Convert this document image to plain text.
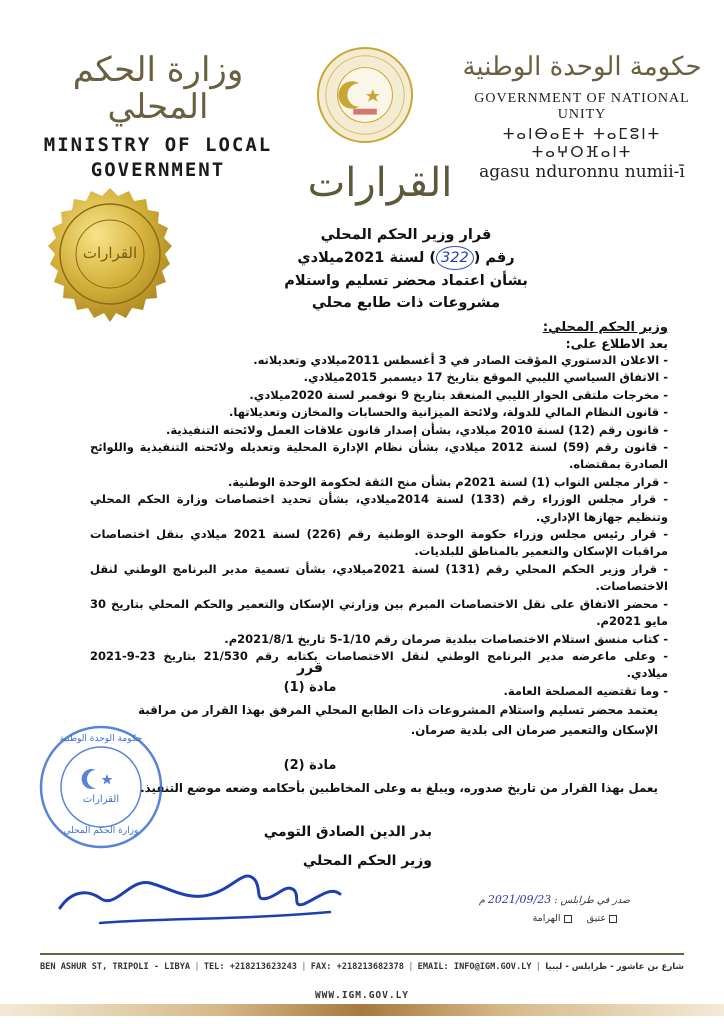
وزارة الحكم المحلي
MINISTRY OF LOCAL
GOVERNMENT
حكومة الوحدة الوطنية
GOVERNMENT OF NATIONAL UNITY
ⵜⴰⵏⴱⴰⴹⵜ ⵜⴰⵎⵓⵏⵜ ⵜⴰⵖⵔⴼⴰⵏⵜ
agasu nduronnu numii-ī
القرارات
القرارات
قرار وزير الحكم المحلي
رقم (322) لسنة 2021ميلادي
بشأن اعتماد محضر تسليم واستلام
مشروعات ذات طابع محلي
وزير الحكم المحلي:
بعد الاطلاع على:
- الاعلان الدستوري المؤقت الصادر في 3 أغسطس 2011ميلادي وتعديلاته.
- الاتفاق السياسي الليبي الموقع بتاريخ 17 ديسمبر 2015ميلادي.
- مخرجات ملتقى الحوار الليبي المنعقد بتاريخ 9 نوفمبر لسنة 2020ميلادي.
- قانون النظام المالي للدولة، ولائحة الميزانية والحسابات والمخازن وتعديلاتها.
- قانون رقم (12) لسنة 2010 ميلادي، بشأن إصدار قانون علاقات العمل ولائحته التنفيذية.
- قانون رقم (59) لسنة 2012 ميلادي، بشأن نظام الإدارة المحلية وتعديله ولائحته التنفيذية واللوائح الصادرة بمقتضاه.
- قرار مجلس النواب (1) لسنة 2021م بشأن منح الثقة لحكومة الوحدة الوطنية.
- قرار مجلس الوزراء رقم (133) لسنة 2014ميلادي، بشأن تحديد اختصاصات وزارة الحكم المحلي وتنظيم جهازها الإداري.
- قرار رئيس مجلس وزراء حكومة الوحدة الوطنية رقم (226) لسنة 2021 ميلادي بنقل اختصاصات مراقبات الإسكان والتعمير بالمناطق للبلديات.
- قرار وزير الحكم المحلي رقم (131) لسنة 2021ميلادي، بشأن تسمية مدير البرنامج الوطني لنقل الاختصاصات.
- محضر الاتفاق على نقل الاختصاصات المبرم بين وزارتي الإسكان والتعمير والحكم المحلي بتاريخ 30 مايو 2021م.
- كتاب منسق استلام الاختصاصات ببلدية صرمان رقم 1/10-5 تاريخ 2021/8/1م.
- وعلى ماعرضه مدير البرنامج الوطني لنقل الاختصاصات بكتابه رقم 21/530 بتاريخ 23-9-2021 ميلادي.
- وما تقتضيه المصلحة العامة.
قرر
مادة (1)
يعتمد محضر تسليم واستلام المشروعات ذات الطابع المحلي المرفق بهذا القرار من مراقبة الإسكان والتعمير صرمان الى بلدية صرمان.
مادة (2)
يعمل بهذا القرار من تاريخ صدوره، ويبلغ به وعلى المخاطبين بأحكامه وضعه موضع التنفيذ.
حكومة الوحدة الوطنية
القرارات
وزارة الحكم المحلي	بدر الدين الصادق التومي
وزير الحكم المحلي
صدر في طرابلس : 2021/09/23 م
عتيق    الهرامة
BEN ASHUR ST, TRIPOLI - LIBYA | TEL: +218213623243 | FAX: +218213682378 | EMAIL: INFO@IGM.GOV.LY | شارع بن عاشور - طرابلس - ليبيا
WWW.IGM.GOV.LY
